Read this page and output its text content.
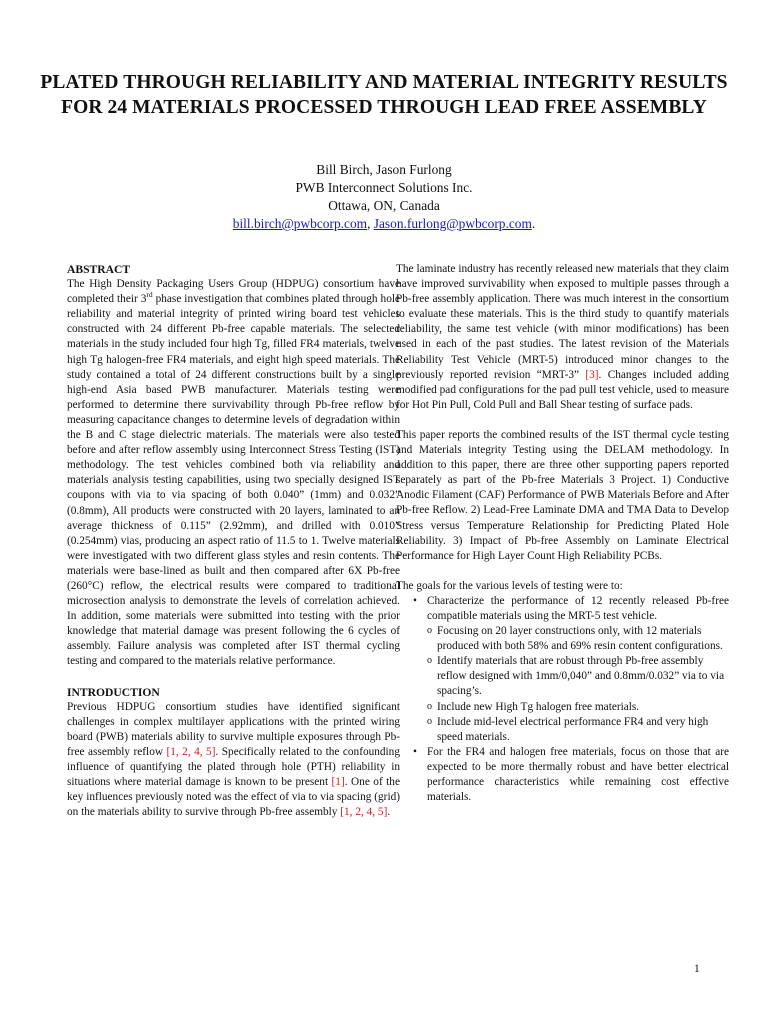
PLATED THROUGH RELIABILITY AND MATERIAL INTEGRITY RESULTS FOR 24 MATERIALS PROCESSED THROUGH LEAD FREE ASSEMBLY
Bill Birch, Jason Furlong
PWB Interconnect Solutions Inc.
Ottawa, ON, Canada
bill.birch@pwbcorp.com, Jason.furlong@pwbcorp.com.
ABSTRACT

The High Density Packaging Users Group (HDPUG) consortium have completed their 3rd phase investigation that combines plated through hole reliability and material integrity of printed wiring board test vehicles constructed with 24 different Pb-free capable materials. The selected materials in the study included four high Tg, filled FR4 materials, twelve high Tg halogen-free FR4 materials, and eight high speed materials. The study contained a total of 24 different constructions built by a single high-end Asia based PWB manufacturer. Materials testing were performed to determine there survivability through Pb-free reflow by measuring capacitance changes to determine levels of degradation within the B and C stage dielectric materials. The materials were also tested before and after reflow assembly using Interconnect Stress Testing (IST) methodology. The test vehicles combined both via reliability and materials analysis testing capabilities, using two specially designed IST coupons with via to via spacing of both 0.040” (1mm) and 0.032” (0.8mm), All products were constructed with 20 layers, laminated to an average thickness of 0.115” (2.92mm), and drilled with 0.010” (0.254mm) vias, producing an aspect ratio of 11.5 to 1. Twelve materials were investigated with two different glass styles and resin contents. The materials were base-lined as built and then compared after 6X Pb-free (260°C) reflow, the electrical results were compared to traditional microsection analysis to demonstrate the levels of correlation achieved. In addition, some materials were submitted into testing with the prior knowledge that material damage was present following the 6 cycles of assembly. Failure analysis was completed after IST thermal cycling testing and compared to the materials relative performance.

INTRODUCTION

Previous HDPUG consortium studies have identified significant challenges in complex multilayer applications with the printed wiring board (PWB) materials ability to survive multiple exposures through Pb-free assembly reflow [1, 2, 4, 5]. Specifically related to the confounding influence of quantifying the plated through hole (PTH) reliability in situations where material damage is known to be present [1]. One of the key influences previously noted was the effect of via to via spacing (grid) on the materials ability to survive through Pb-free assembly [1, 2, 4, 5].

The laminate industry has recently released new materials that they claim have improved survivability when exposed to multiple passes through a Pb-free assembly application. There was much interest in the consortium to evaluate these materials. This is the third study to quantify materials reliability, the same test vehicle (with minor modifications) has been used in each of the past studies. The latest revision of the Materials Reliability Test Vehicle (MRT-5) introduced minor changes to the previously reported revision “MRT-3” [3]. Changes included adding modified pad configurations for the pad pull test vehicle, used to measure for Hot Pin Pull, Cold Pull and Ball Shear testing of surface pads.

This paper reports the combined results of the IST thermal cycle testing and Materials integrity Testing using the DELAM methodology. In addition to this paper, there are three other supporting papers reported separately as part of the Pb-free Materials 3 Project. 1) Conductive Anodic Filament (CAF) Performance of PWB Materials Before and After Pb-free Reflow. 2) Lead-Free Laminate DMA and TMA Data to Develop Stress versus Temperature Relationship for Predicting Plated Hole Reliability. 3) Impact of Pb-free Assembly on Laminate Electrical Performance for High Layer Count High Reliability PCBs.

The goals for the various levels of testing were to:

• Characterize the performance of 12 recently released Pb-free compatible materials using the MRT-5 test vehicle.
o Focusing on 20 layer constructions only, with 12 materials produced with both 58% and 69% resin content configurations.
o Identify materials that are robust through Pb-free assembly reflow designed with 1mm/0,040” and 0.8mm/0.032” via to via spacing’s.
o Include new High Tg halogen free materials.
o Include mid-level electrical performance FR4 and very high speed materials.
• For the FR4 and halogen free materials, focus on those that are expected to be more thermally robust and have better electrical performance characteristics while remaining cost effective materials.
1
